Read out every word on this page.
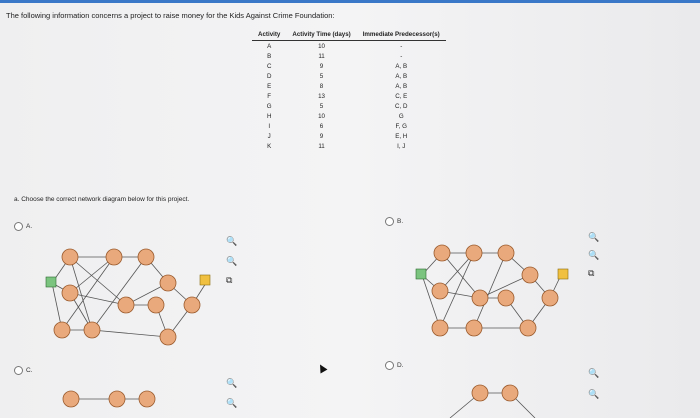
The following information concerns a project to raise money for the Kids Against Crime Foundation:
Activity	Activity Time (days)	Immediate Predecessor(s)
A	10	-
B	11	-
C	9	A, B
D	5	A, B
E	8	A, B
F	13	C, E
G	5	C, D
H	10	G
I	6	F, G
J	9	E, H
K	11	I, J
a. Choose the correct network diagram below for this project.
A.
B.
C.
D.
🔍
🔍
⧉
🔍
🔍
⧉
🔍
🔍
🔍
🔍
